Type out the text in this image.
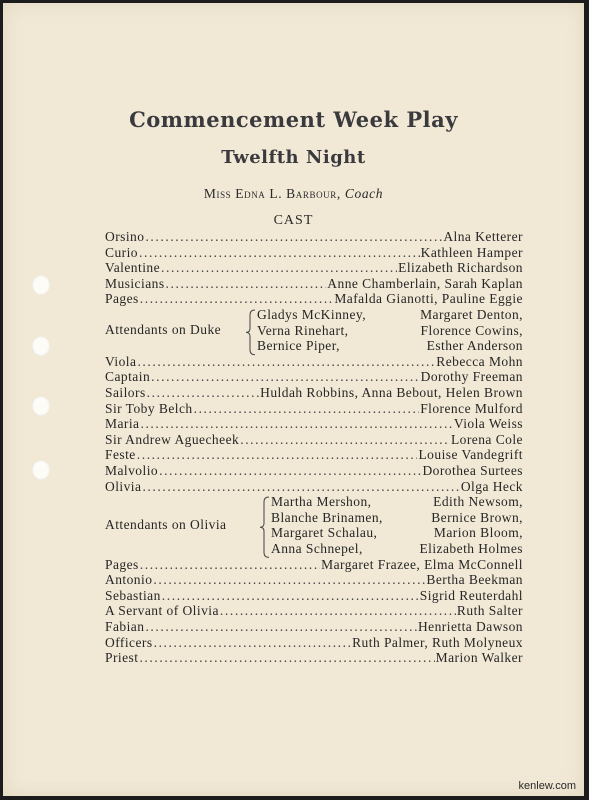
Commencement Week Play
Twelfth Night
Miss Edna L. Barbour, Coach
CAST
Orsino .....	Alna Ketterer
Curio .....	Kathleen Hamper
Valentine .....	Elizabeth Richardson
Musicians .....	Anne Chamberlain, Sarah Kaplan
Pages .....	Mafalda Gianotti, Pauline Eggie
Attendants on Duke
Gladys McKinney,	Margaret Denton,
Verna Rinehart,	Florence Cowins,
Bernice Piper,	Esther Anderson
Viola .....	Rebecca Mohn
Captain .....	Dorothy Freeman
Sailors .....	Huldah Robbins, Anna Bebout, Helen Brown
Sir Toby Belch .....	Florence Mulford
Maria .....	Viola Weiss
Sir Andrew Aguecheek .....	Lorena Cole
Feste .....	Louise Vandegrift
Malvolio .....	Dorothea Surtees
Olivia .....	Olga Heck
Attendants on Olivia
Martha Mershon,	Edith Newsom,
Blanche Brinamen,	Bernice Brown,
Margaret Schalau,	Marion Bloom,
Anna Schnepel,	Elizabeth Holmes
Pages .....	Margaret Frazee, Elma McConnell
Antonio .....	Bertha Beekman
Sebastian .....	Sigrid Reuterdahl
A Servant of Olivia .....	Ruth Salter
Fabian .....	Henrietta Dawson
Officers .....	Ruth Palmer, Ruth Molyneux
Priest .....	Marion Walker
kenlew.com
